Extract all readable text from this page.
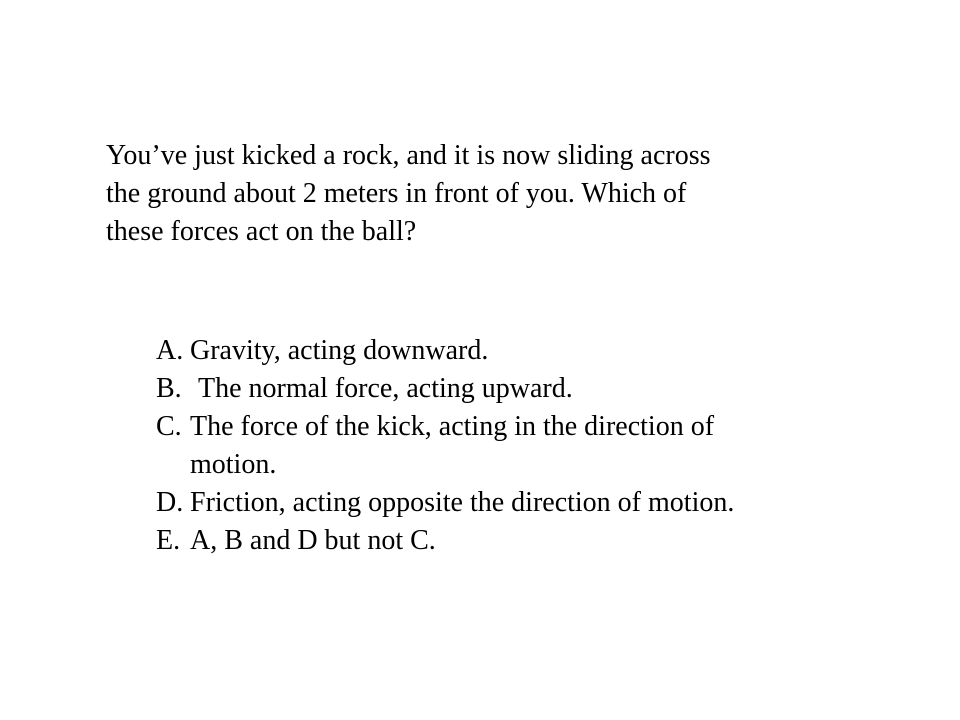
You’ve just kicked a rock, and it is now sliding across
the ground about 2 meters in front of you. Which of
these forces act on the ball?

A. Gravity, acting downward.
B. The normal force, acting upward.
C. The force of the kick, acting in the direction of
motion.
D. Friction, acting opposite the direction of motion.
E. A, B and D but not C.
